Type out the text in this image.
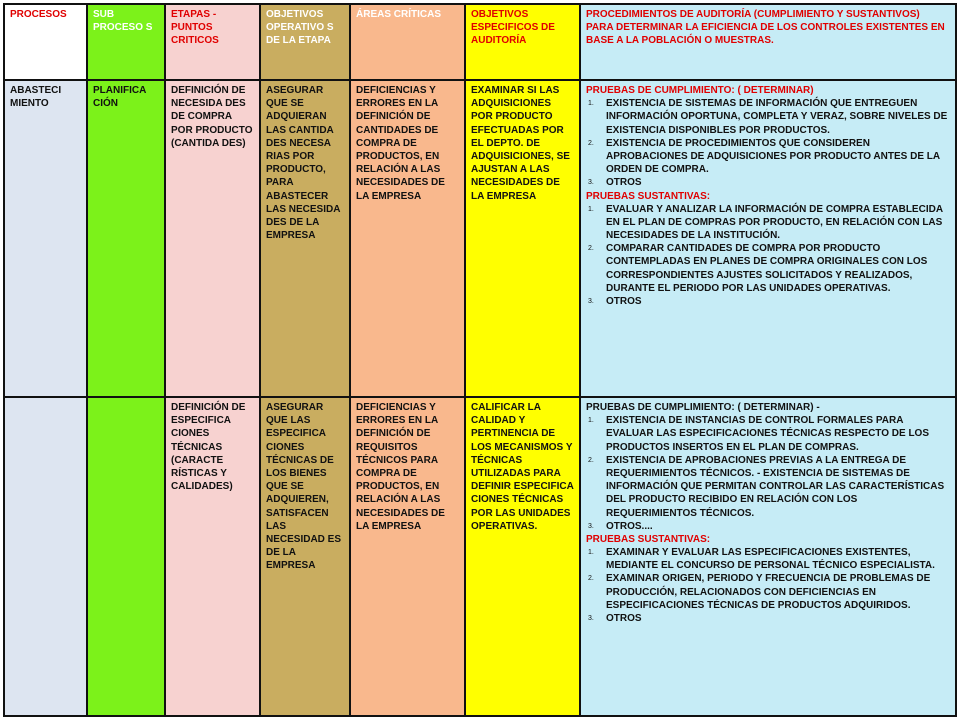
PROCESOS	SUB PROCESO S
ETAPAS - PUNTOS CRITICOS
OBJETIVOS OPERATIVO S DE LA ETAPA
ÁREAS CRÍTICAS	OBJETIVOS ESPECIFICOS DE AUDITORÍA
PROCEDIMIENTOS DE AUDITORÍA (CUMPLIMIENTO Y SUSTANTIVOS) PARA DETERMINAR LA EFICIENCIA DE LOS CONTROLES EXISTENTES EN BASE A LA POBLACIÓN O MUESTRAS.
ABASTECI MIENTO
PLANIFICA CIÓN
DEFINICIÓN DE NECESIDA DES DE COMPRA POR PRODUCTO (CANTIDA DES)
ASEGURAR QUE SE ADQUIERAN LAS CANTIDA DES NECESA RIAS POR PRODUCTO, PARA ABASTECER LAS NECESIDA DES DE LA EMPRESA
DEFICIENCIAS Y ERRORES EN LA DEFINICIÓN DE CANTIDADES DE COMPRA DE PRODUCTOS, EN RELACIÓN A LAS NECESIDADES DE LA EMPRESA
EXAMINAR SI LAS ADQUISICIONES POR PRODUCTO EFECTUADAS POR EL DEPTO. DE ADQUISICIONES, SE AJUSTAN A LAS NECESIDADES DE LA EMPRESA
PRUEBAS DE CUMPLIMIENTO: ( DETERMINAR)
1. EXISTENCIA DE SISTEMAS DE INFORMACIÓN QUE ENTREGUEN INFORMACIÓN OPORTUNA, COMPLETA Y VERAZ, SOBRE NIVELES DE EXISTENCIA DISPONIBLES POR PRODUCTOS.
2. EXISTENCIA DE PROCEDIMIENTOS QUE CONSIDEREN APROBACIONES DE ADQUISICIONES POR PRODUCTO ANTES DE LA ORDEN DE COMPRA.
3. OTROS
PRUEBAS SUSTANTIVAS:
1. EVALUAR Y ANALIZAR LA INFORMACIÓN DE COMPRA ESTABLECIDA EN EL PLAN DE COMPRAS POR PRODUCTO, EN RELACIÓN CON LAS NECESIDADES DE LA INSTITUCIÓN.
2. COMPARAR CANTIDADES DE COMPRA POR PRODUCTO CONTEMPLADAS EN PLANES DE COMPRA ORIGINALES CON LOS CORRESPONDIENTES AJUSTES SOLICITADOS Y REALIZADOS, DURANTE EL PERIODO POR LAS UNIDADES OPERATIVAS.
3. OTROS
DEFINICIÓN DE ESPECIFICA CIONES TÉCNICAS (CARACTE RÍSTICAS Y CALIDADES)
ASEGURAR QUE LAS ESPECIFICA CIONES TÉCNICAS DE LOS BIENES QUE SE ADQUIEREN, SATISFACEN LAS NECESIDAD ES DE LA EMPRESA
DEFICIENCIAS Y ERRORES EN LA DEFINICIÓN DE REQUISITOS TÉCNICOS PARA COMPRA DE PRODUCTOS, EN RELACIÓN A LAS NECESIDADES DE LA EMPRESA
CALIFICAR LA CALIDAD Y PERTINENCIA DE LOS MECANISMOS Y TÉCNICAS UTILIZADAS PARA DEFINIR ESPECIFICA CIONES TÉCNICAS POR LAS UNIDADES OPERATIVAS.
PRUEBAS DE CUMPLIMIENTO: ( DETERMINAR) -
1. EXISTENCIA DE INSTANCIAS DE CONTROL FORMALES PARA EVALUAR LAS ESPECIFICACIONES TÉCNICAS RESPECTO DE LOS PRODUCTOS INSERTOS EN EL PLAN DE COMPRAS.
2. EXISTENCIA DE APROBACIONES PREVIAS A LA ENTREGA DE REQUERIMIENTOS TÉCNICOS. - EXISTENCIA DE SISTEMAS DE INFORMACIÓN QUE PERMITAN CONTROLAR LAS CARACTERÍSTICAS DEL PRODUCTO RECIBIDO EN RELACIÓN CON LOS REQUERIMIENTOS TÉCNICOS.
3. OTROS....
PRUEBAS SUSTANTIVAS:
1. EXAMINAR Y EVALUAR LAS ESPECIFICACIONES EXISTENTES, MEDIANTE EL CONCURSO DE PERSONAL TÉCNICO ESPECIALISTA.
2. EXAMINAR ORIGEN, PERIODO Y FRECUENCIA DE PROBLEMAS DE PRODUCCIÓN, RELACIONADOS CON DEFICIENCIAS EN ESPECIFICACIONES TÉCNICAS DE PRODUCTOS ADQUIRIDOS.
3. OTROS
